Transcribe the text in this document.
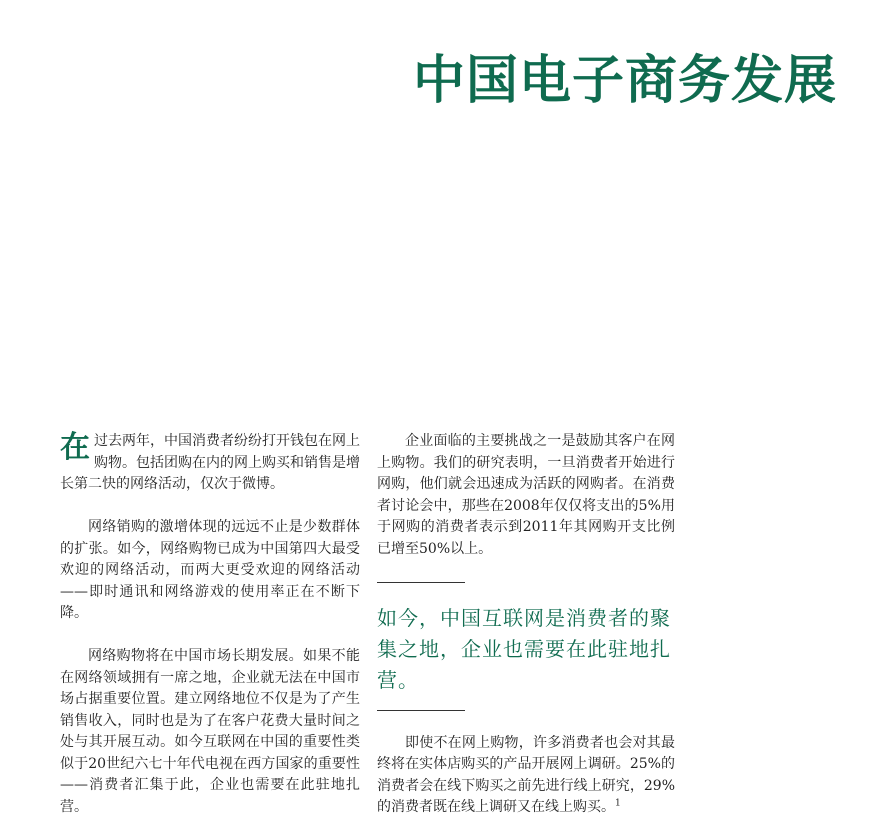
中国电子商务发展

在过去两年，中国消费者纷纷打开钱包在网上购物。包括团购在内的网上购买和销售是增长第二快的网络活动，仅次于微博。

网络销购的激增体现的远远不止是少数群体的扩张。如今，网络购物已成为中国第四大最受欢迎的网络活动，而两大更受欢迎的网络活动——即时通讯和网络游戏的使用率正在不断下降。

网络购物将在中国市场长期发展。如果不能在网络领域拥有一席之地，企业就无法在中国市场占据重要位置。建立网络地位不仅是为了产生销售收入，同时也是为了在客户花费大量时间之处与其开展互动。如今互联网在中国的重要性类似于20世纪六七十年代电视在西方国家的重要性——消费者汇集于此，企业也需要在此驻地扎营。

企业面临的主要挑战之一是鼓励其客户在网上购物。我们的研究表明，一旦消费者开始进行网购，他们就会迅速成为活跃的网购者。在消费者讨论会中，那些在2008年仅仅将支出的5%用于网购的消费者表示到2011年其网购开支比例已增至50%以上。

如今，中国互联网是消费者的聚集之地，企业也需要在此驻地扎营。

即使不在网上购物，许多消费者也会对其最终将在实体店购买的产品开展网上调研。25%的消费者会在线下购买之前先进行线上研究，29%的消费者既在线上调研又在线上购买。$^1$
